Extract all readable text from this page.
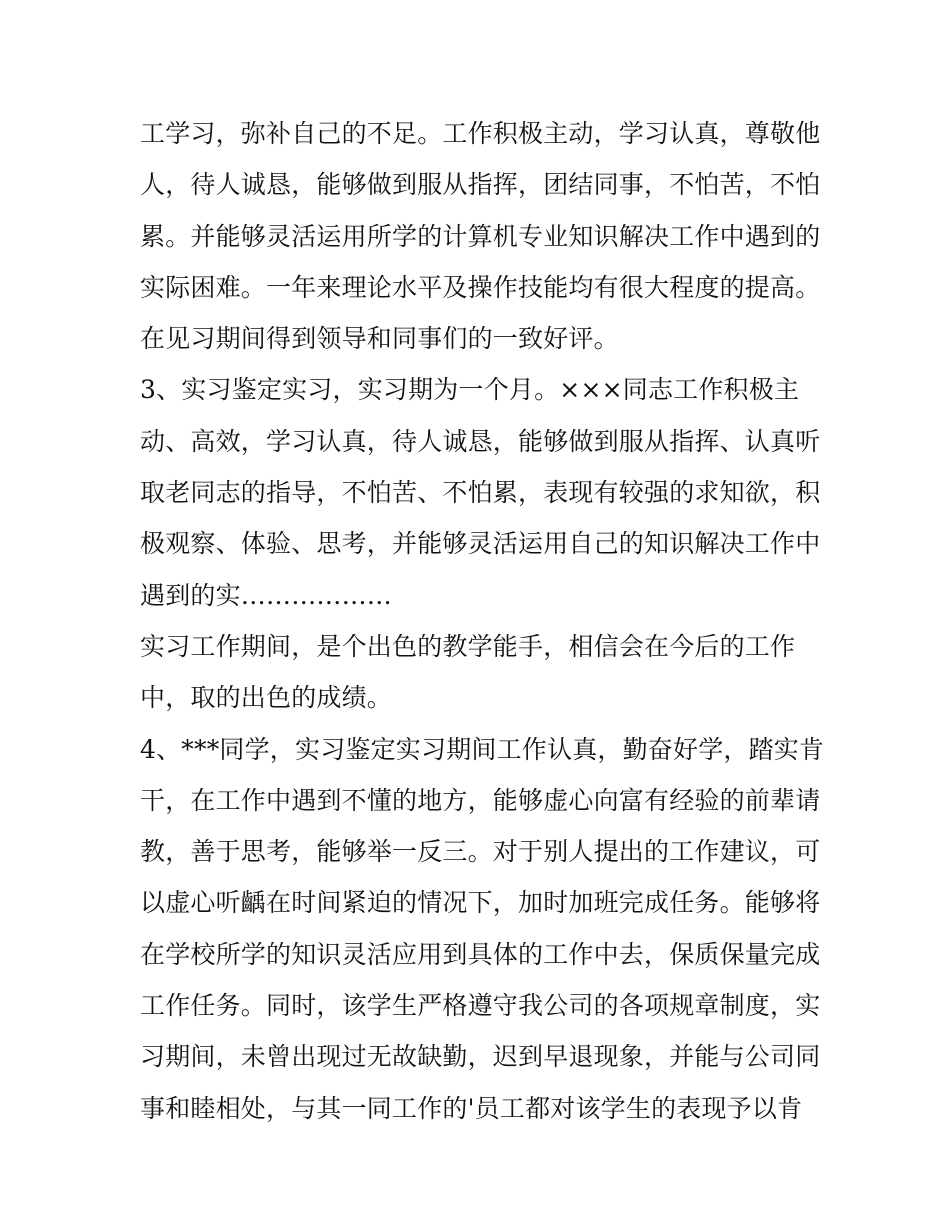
工学习，弥补自己的不足。工作积极主动，学习认真，尊敬他
人，待人诚恳，能够做到服从指挥，团结同事，不怕苦，不怕
累。并能够灵活运用所学的计算机专业知识解决工作中遇到的
实际困难。一年来理论水平及操作技能均有很大程度的提高。
在见习期间得到领导和同事们的一致好评。
3、实习鉴定实习，实习期为一个月。×××同志工作积极主
动、高效，学习认真，待人诚恳，能够做到服从指挥、认真听
取老同志的指导，不怕苦、不怕累，表现有较强的求知欲，积
极观察、体验、思考，并能够灵活运用自己的知识解决工作中
遇到的实………………
实习工作期间，是个出色的教学能手，相信会在今后的工作
中，取的出色的成绩。
4、***同学，实习鉴定实习期间工作认真，勤奋好学，踏实肯
干，在工作中遇到不懂的地方，能够虚心向富有经验的前辈请
教，善于思考，能够举一反三。对于别人提出的工作建议，可
以虚心听齲在时间紧迫的情况下，加时加班完成任务。能够将
在学校所学的知识灵活应用到具体的工作中去，保质保量完成
工作任务。同时，该学生严格遵守我公司的各项规章制度，实
习期间，未曾出现过无故缺勤，迟到早退现象，并能与公司同
事和睦相处，与其一同工作的'员工都对该学生的表现予以肯
